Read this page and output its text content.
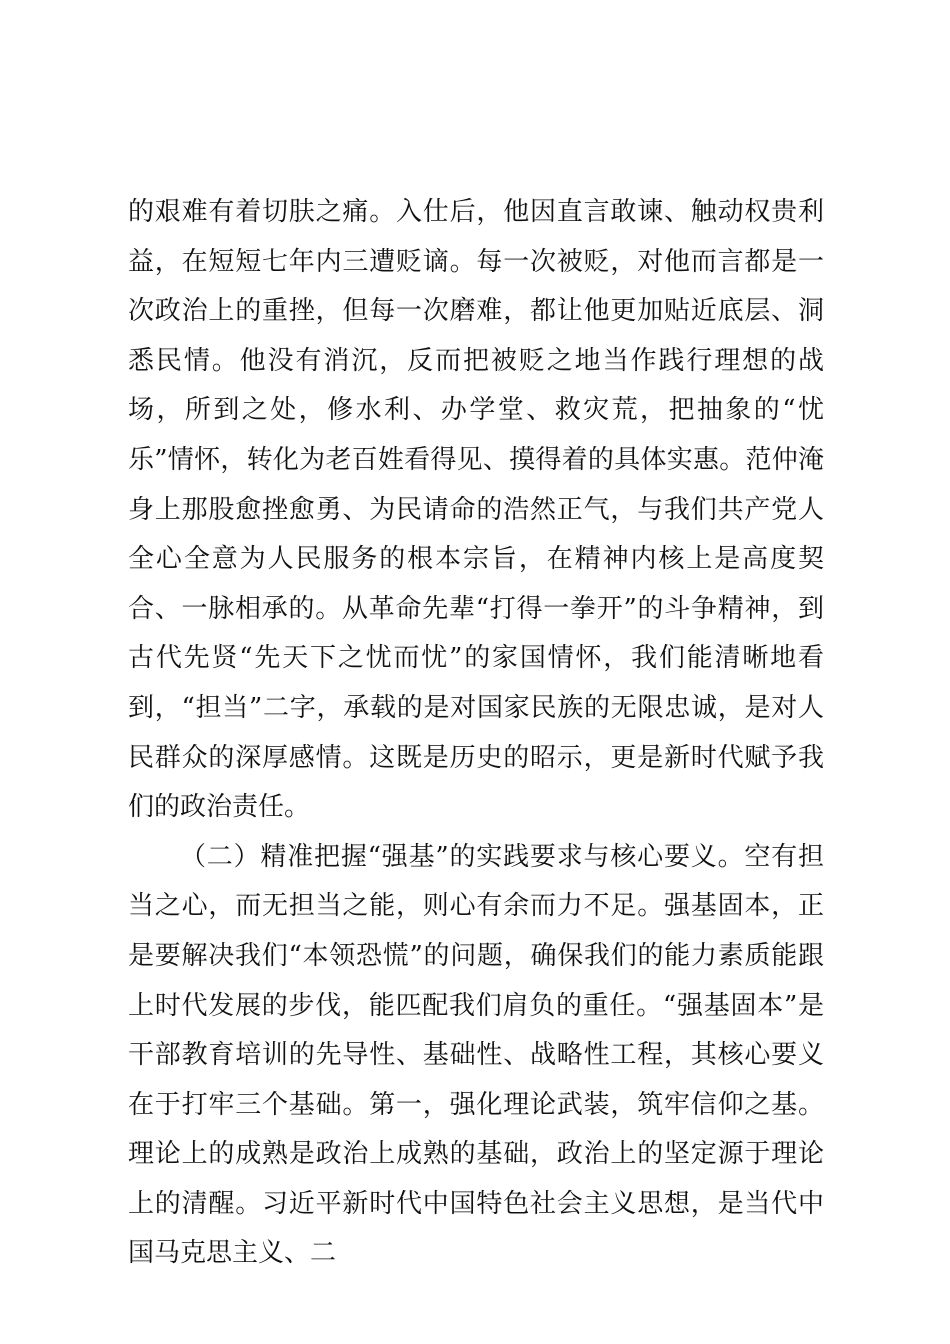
的艰难有着切肤之痛。入仕后，他因直言敢谏、触动权贵利益，在短短七年内三遭贬谪。每一次被贬，对他而言都是一次政治上的重挫，但每一次磨难，都让他更加贴近底层、洞悉民情。他没有消沉，反而把被贬之地当作践行理想的战场，所到之处，修水利、办学堂、救灾荒，把抽象的“忧乐”情怀，转化为老百姓看得见、摸得着的具体实惠。范仲淹身上那股愈挫愈勇、为民请命的浩然正气，与我们共产党人全心全意为人民服务的根本宗旨，在精神内核上是高度契合、一脉相承的。从革命先辈“打得一拳开”的斗争精神，到古代先贤“先天下之忧而忧”的家国情怀，我们能清晰地看到，“担当”二字，承载的是对国家民族的无限忠诚，是对人民群众的深厚感情。这既是历史的昭示，更是新时代赋予我们的政治责任。

（二）精准把握“强基”的实践要求与核心要义。空有担当之心，而无担当之能，则心有余而力不足。强基固本，正是要解决我们“本领恐慌”的问题，确保我们的能力素质能跟上时代发展的步伐，能匹配我们肩负的重任。“强基固本”是干部教育培训的先导性、基础性、战略性工程，其核心要义在于打牢三个基础。第一，强化理论武装，筑牢信仰之基。理论上的成熟是政治上成熟的基础，政治上的坚定源于理论上的清醒。习近平新时代中国特色社会主义思想，是当代中国马克思主义、二
